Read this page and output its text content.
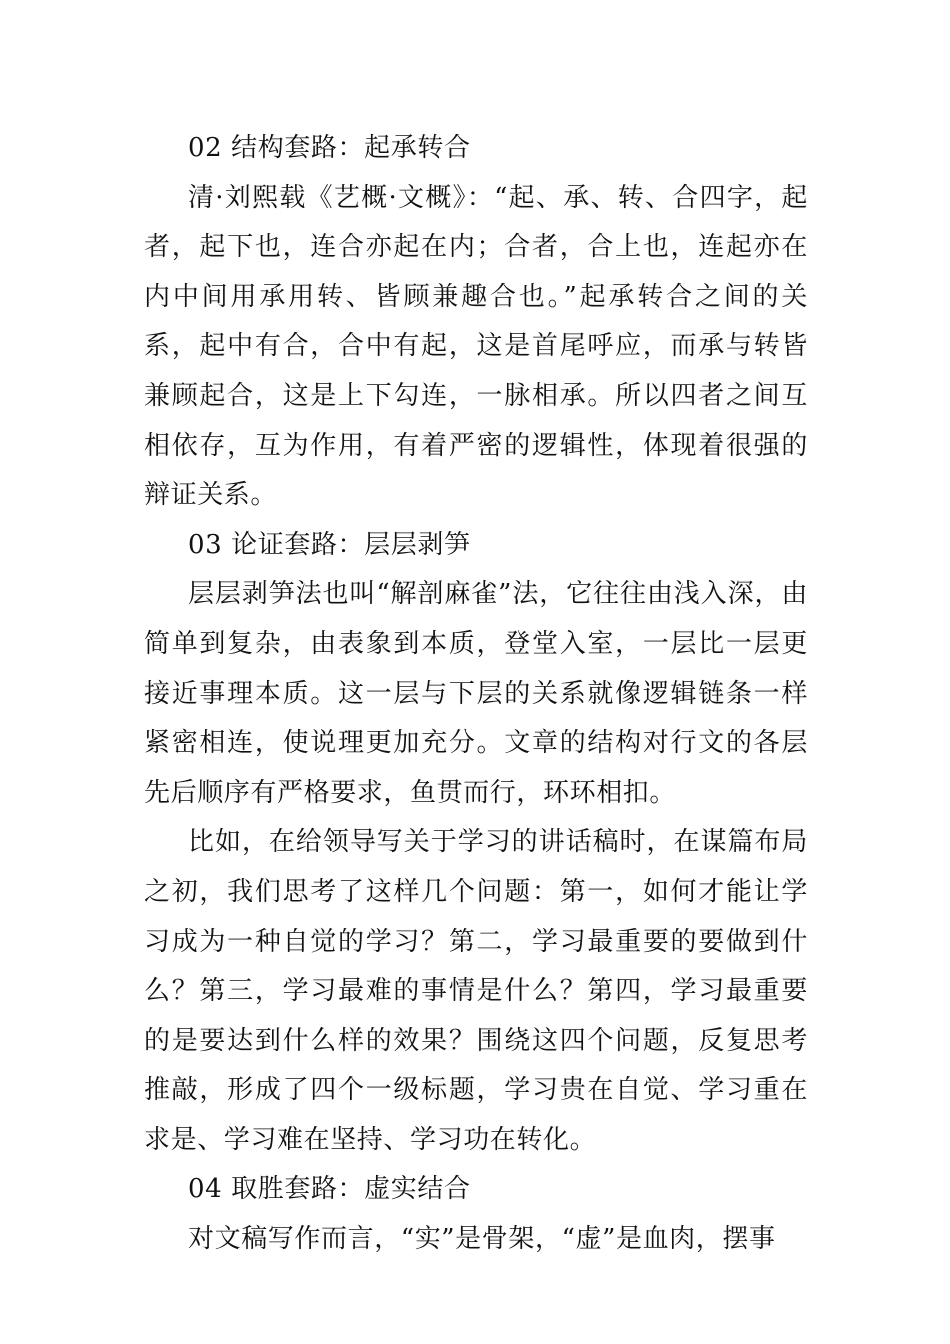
02 结构套路：起承转合

清·刘熙载《艺概·文概》：“起、承、转、合四字，起者，起下也，连合亦起在内；合者，合上也，连起亦在内中间用承用转、皆顾兼趣合也。”起承转合之间的关系，起中有合，合中有起，这是首尾呼应，而承与转皆兼顾起合，这是上下勾连，一脉相承。所以四者之间互相依存，互为作用，有着严密的逻辑性，体现着很强的辩证关系。

03 论证套路：层层剥笋

层层剥笋法也叫“解剖麻雀”法，它往往由浅入深，由简单到复杂，由表象到本质，登堂入室，一层比一层更接近事理本质。这一层与下层的关系就像逻辑链条一样紧密相连，使说理更加充分。文章的结构对行文的各层先后顺序有严格要求，鱼贯而行，环环相扣。

比如，在给领导写关于学习的讲话稿时，在谋篇布局之初，我们思考了这样几个问题：第一，如何才能让学习成为一种自觉的学习？第二，学习最重要的要做到什么？第三，学习最难的事情是什么？第四，学习最重要的是要达到什么样的效果？围绕这四个问题，反复思考推敲，形成了四个一级标题，学习贵在自觉、学习重在求是、学习难在坚持、学习功在转化。

04 取胜套路：虚实结合

对文稿写作而言，“实”是骨架，“虚”是血肉，摆事
